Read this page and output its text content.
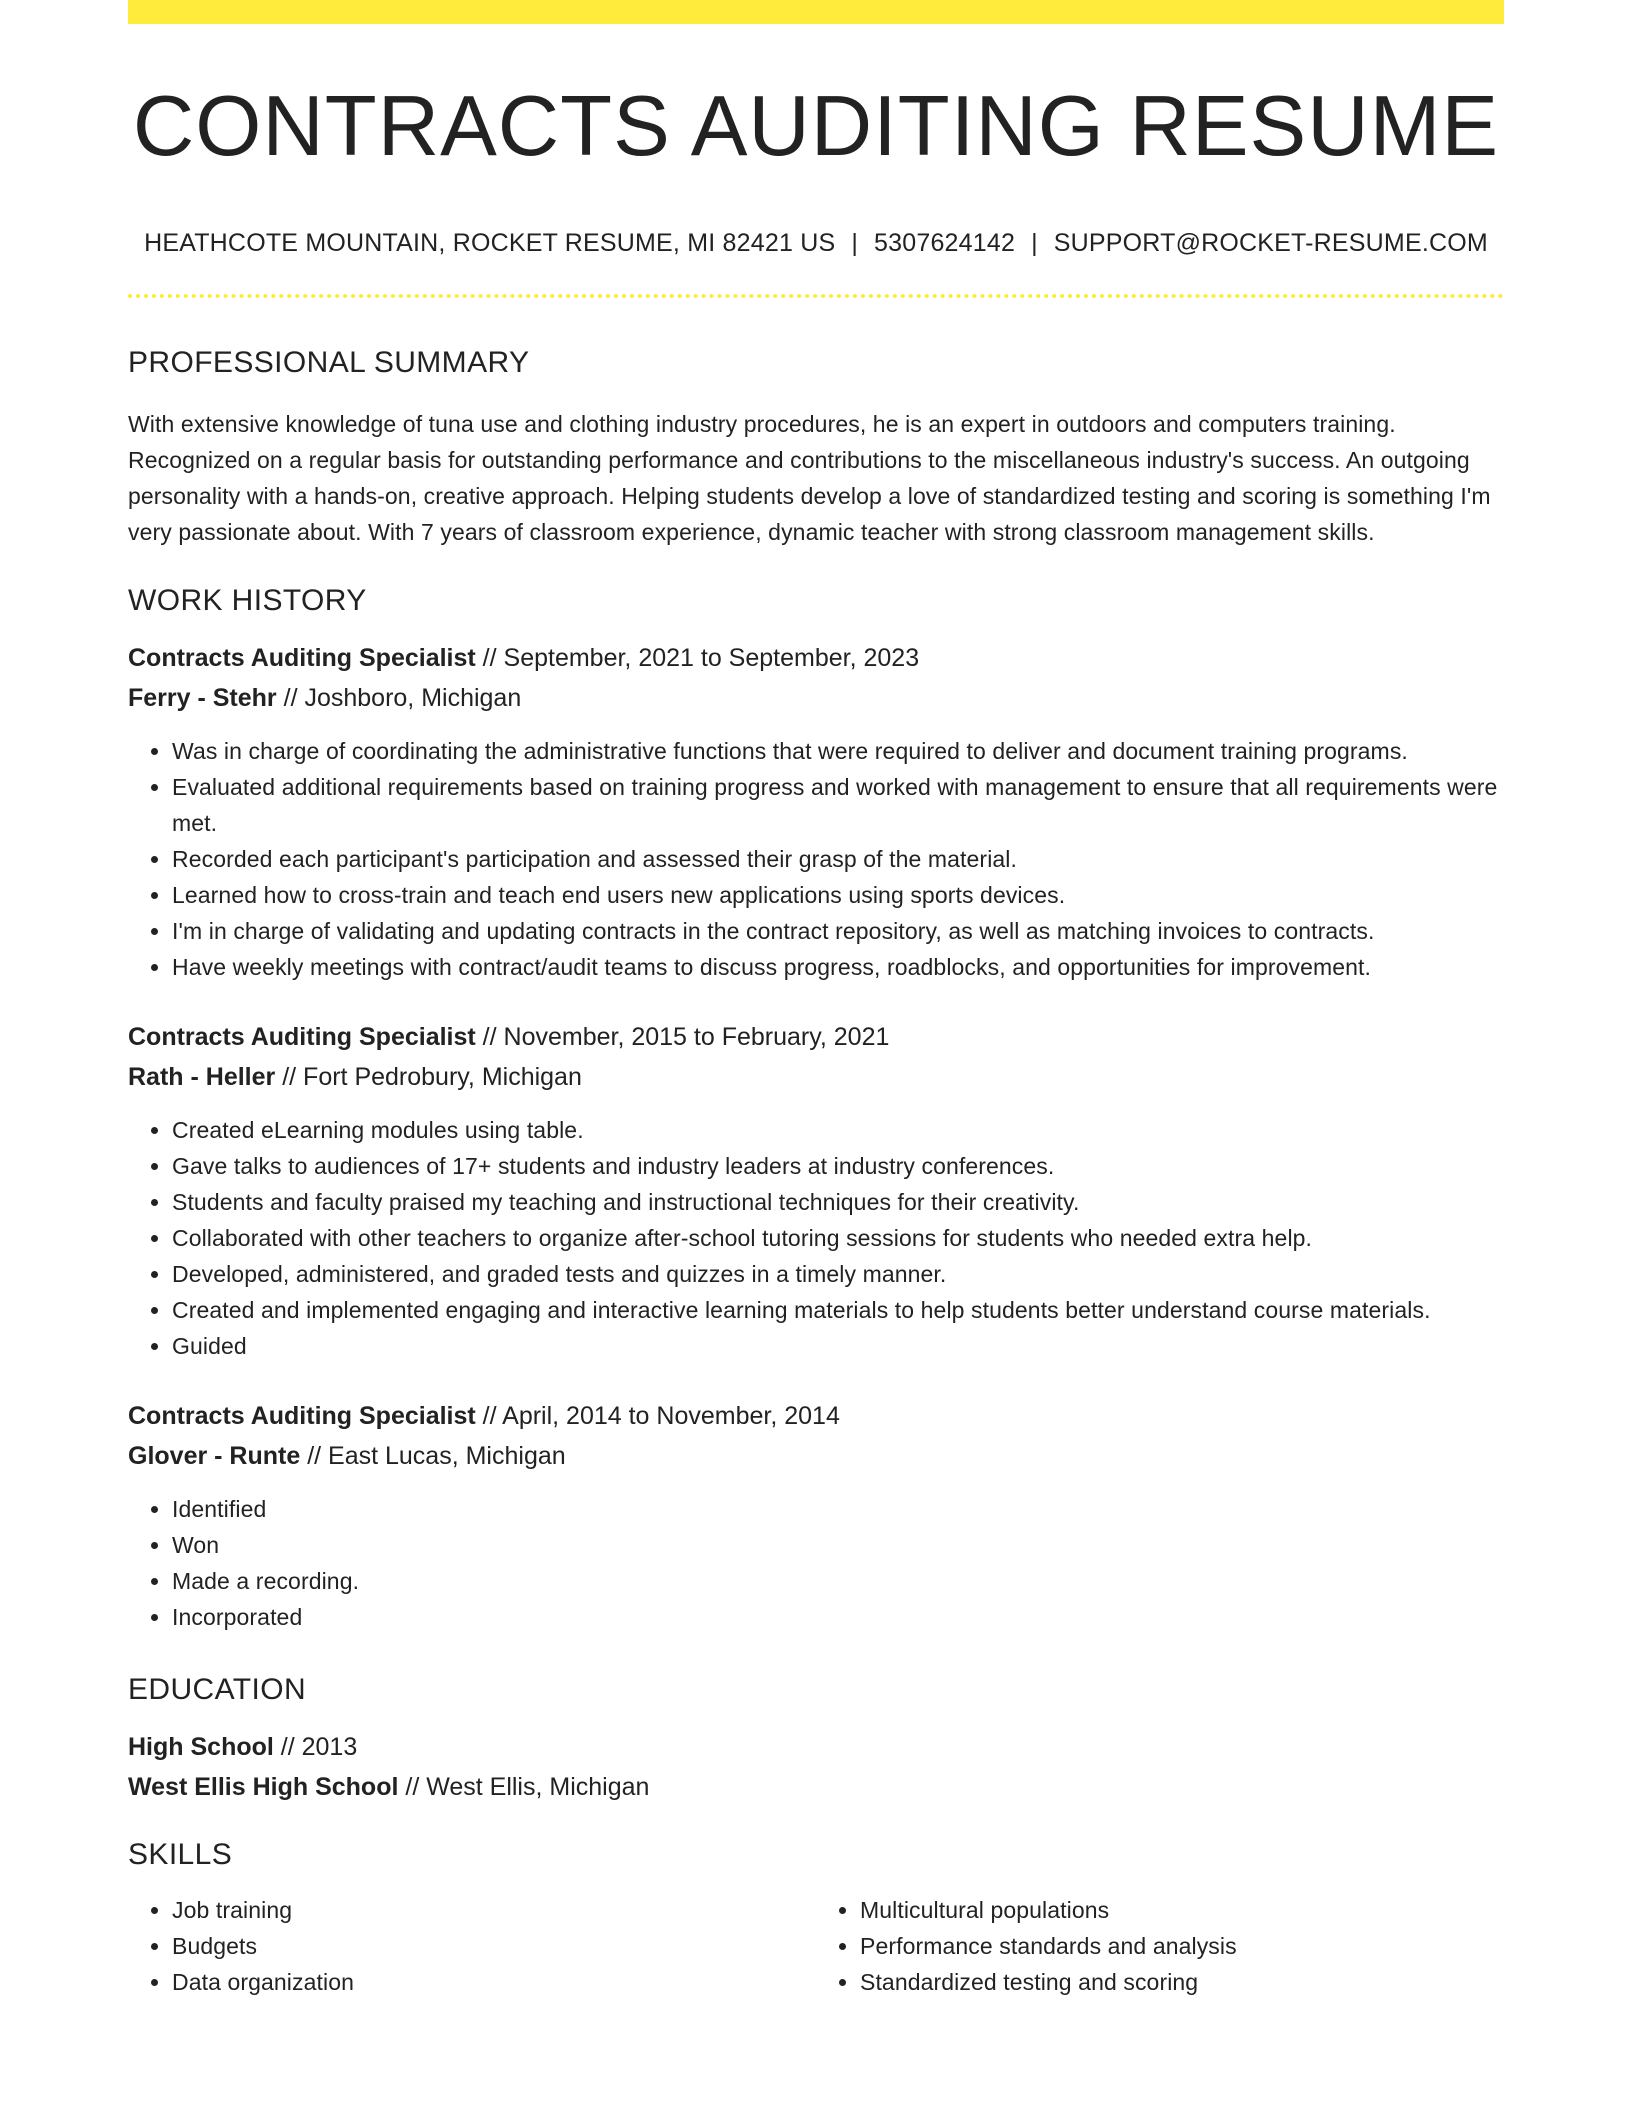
CONTRACTS AUDITING RESUME
HEATHCOTE MOUNTAIN, ROCKET RESUME, MI 82421 US | 5307624142 | SUPPORT@ROCKET-RESUME.COM
PROFESSIONAL SUMMARY
With extensive knowledge of tuna use and clothing industry procedures, he is an expert in outdoors and computers training. Recognized on a regular basis for outstanding performance and contributions to the miscellaneous industry's success. An outgoing personality with a hands-on, creative approach. Helping students develop a love of standardized testing and scoring is something I'm very passionate about. With 7 years of classroom experience, dynamic teacher with strong classroom management skills.
WORK HISTORY
Contracts Auditing Specialist // September, 2021 to September, 2023
Ferry - Stehr // Joshboro, Michigan
• Was in charge of coordinating the administrative functions that were required to deliver and document training programs.
• Evaluated additional requirements based on training progress and worked with management to ensure that all requirements were met.
• Recorded each participant's participation and assessed their grasp of the material.
• Learned how to cross-train and teach end users new applications using sports devices.
• I'm in charge of validating and updating contracts in the contract repository, as well as matching invoices to contracts.
• Have weekly meetings with contract/audit teams to discuss progress, roadblocks, and opportunities for improvement.
Contracts Auditing Specialist // November, 2015 to February, 2021
Rath - Heller // Fort Pedrobury, Michigan
• Created eLearning modules using table.
• Gave talks to audiences of 17+ students and industry leaders at industry conferences.
• Students and faculty praised my teaching and instructional techniques for their creativity.
• Collaborated with other teachers to organize after-school tutoring sessions for students who needed extra help.
• Developed, administered, and graded tests and quizzes in a timely manner.
• Created and implemented engaging and interactive learning materials to help students better understand course materials.
• Guided
Contracts Auditing Specialist // April, 2014 to November, 2014
Glover - Runte // East Lucas, Michigan
• Identified
• Won
• Made a recording.
• Incorporated
EDUCATION
High School // 2013
West Ellis High School // West Ellis, Michigan
SKILLS
• Job training
• Budgets
• Data organization
• Multicultural populations
• Performance standards and analysis
• Standardized testing and scoring
